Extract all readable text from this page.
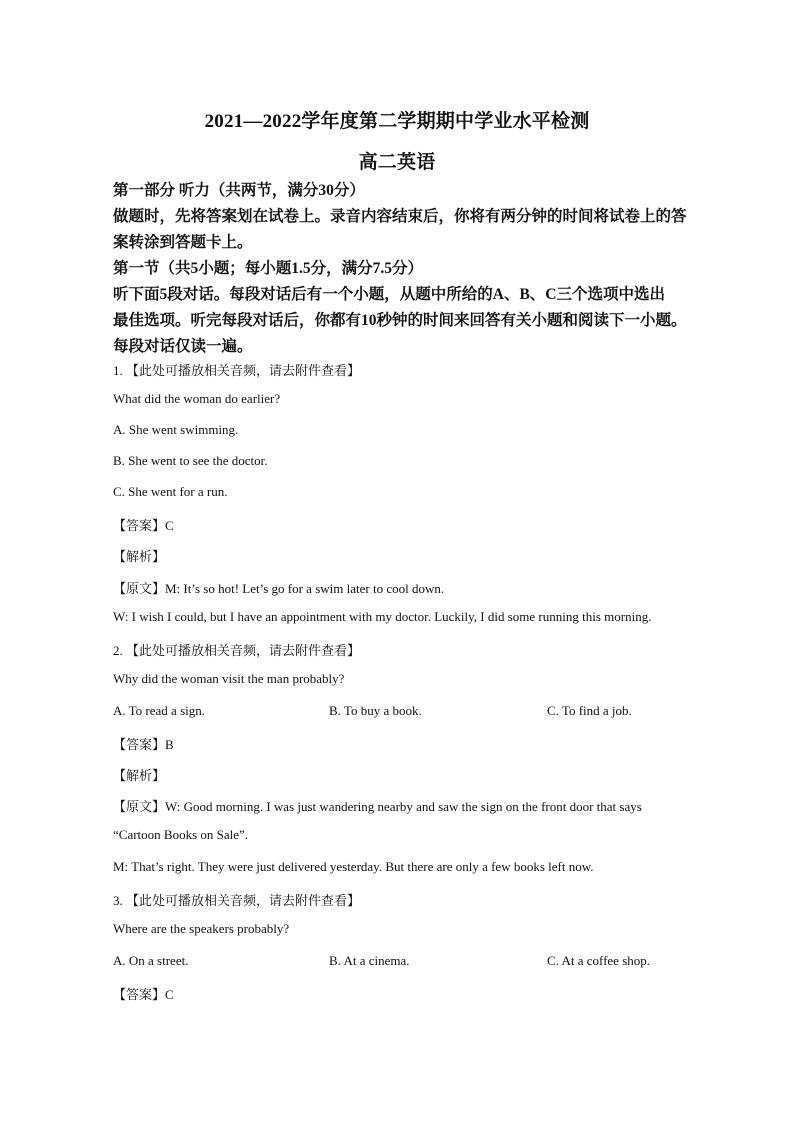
2021—2022学年度第二学期期中学业水平检测
高二英语
第一部分 听力（共两节，满分30分）
做题时，先将答案划在试卷上。录音内容结束后，你将有两分钟的时间将试卷上的答
案转涂到答题卡上。
第一节（共5小题；每小题1.5分，满分7.5分）
听下面5段对话。每段对话后有一个小题，从题中所给的A、B、C三个选项中选出
最佳选项。听完每段对话后，你都有10秒钟的时间来回答有关小题和阅读下一小题。
每段对话仅读一遍。
1. 【此处可播放相关音频，请去附件查看】
What did the woman do earlier?
A. She went swimming.
B. She went to see the doctor.
C. She went for a run.
【答案】C
【解析】
【原文】M: It’s so hot! Let’s go for a swim later to cool down.
W: I wish I could, but I have an appointment with my doctor. Luckily, I did some running this morning.
2. 【此处可播放相关音频，请去附件查看】
Why did the woman visit the man probably?
A. To read a sign.	B. To buy a book.	C. To find a job.
【答案】B
【解析】
【原文】W: Good morning. I was just wandering nearby and saw the sign on the front door that says
“Cartoon Books on Sale”.
M: That’s right. They were just delivered yesterday. But there are only a few books left now.
3. 【此处可播放相关音频，请去附件查看】
Where are the speakers probably?
A. On a street.	B. At a cinema.	C. At a coffee shop.
【答案】C
